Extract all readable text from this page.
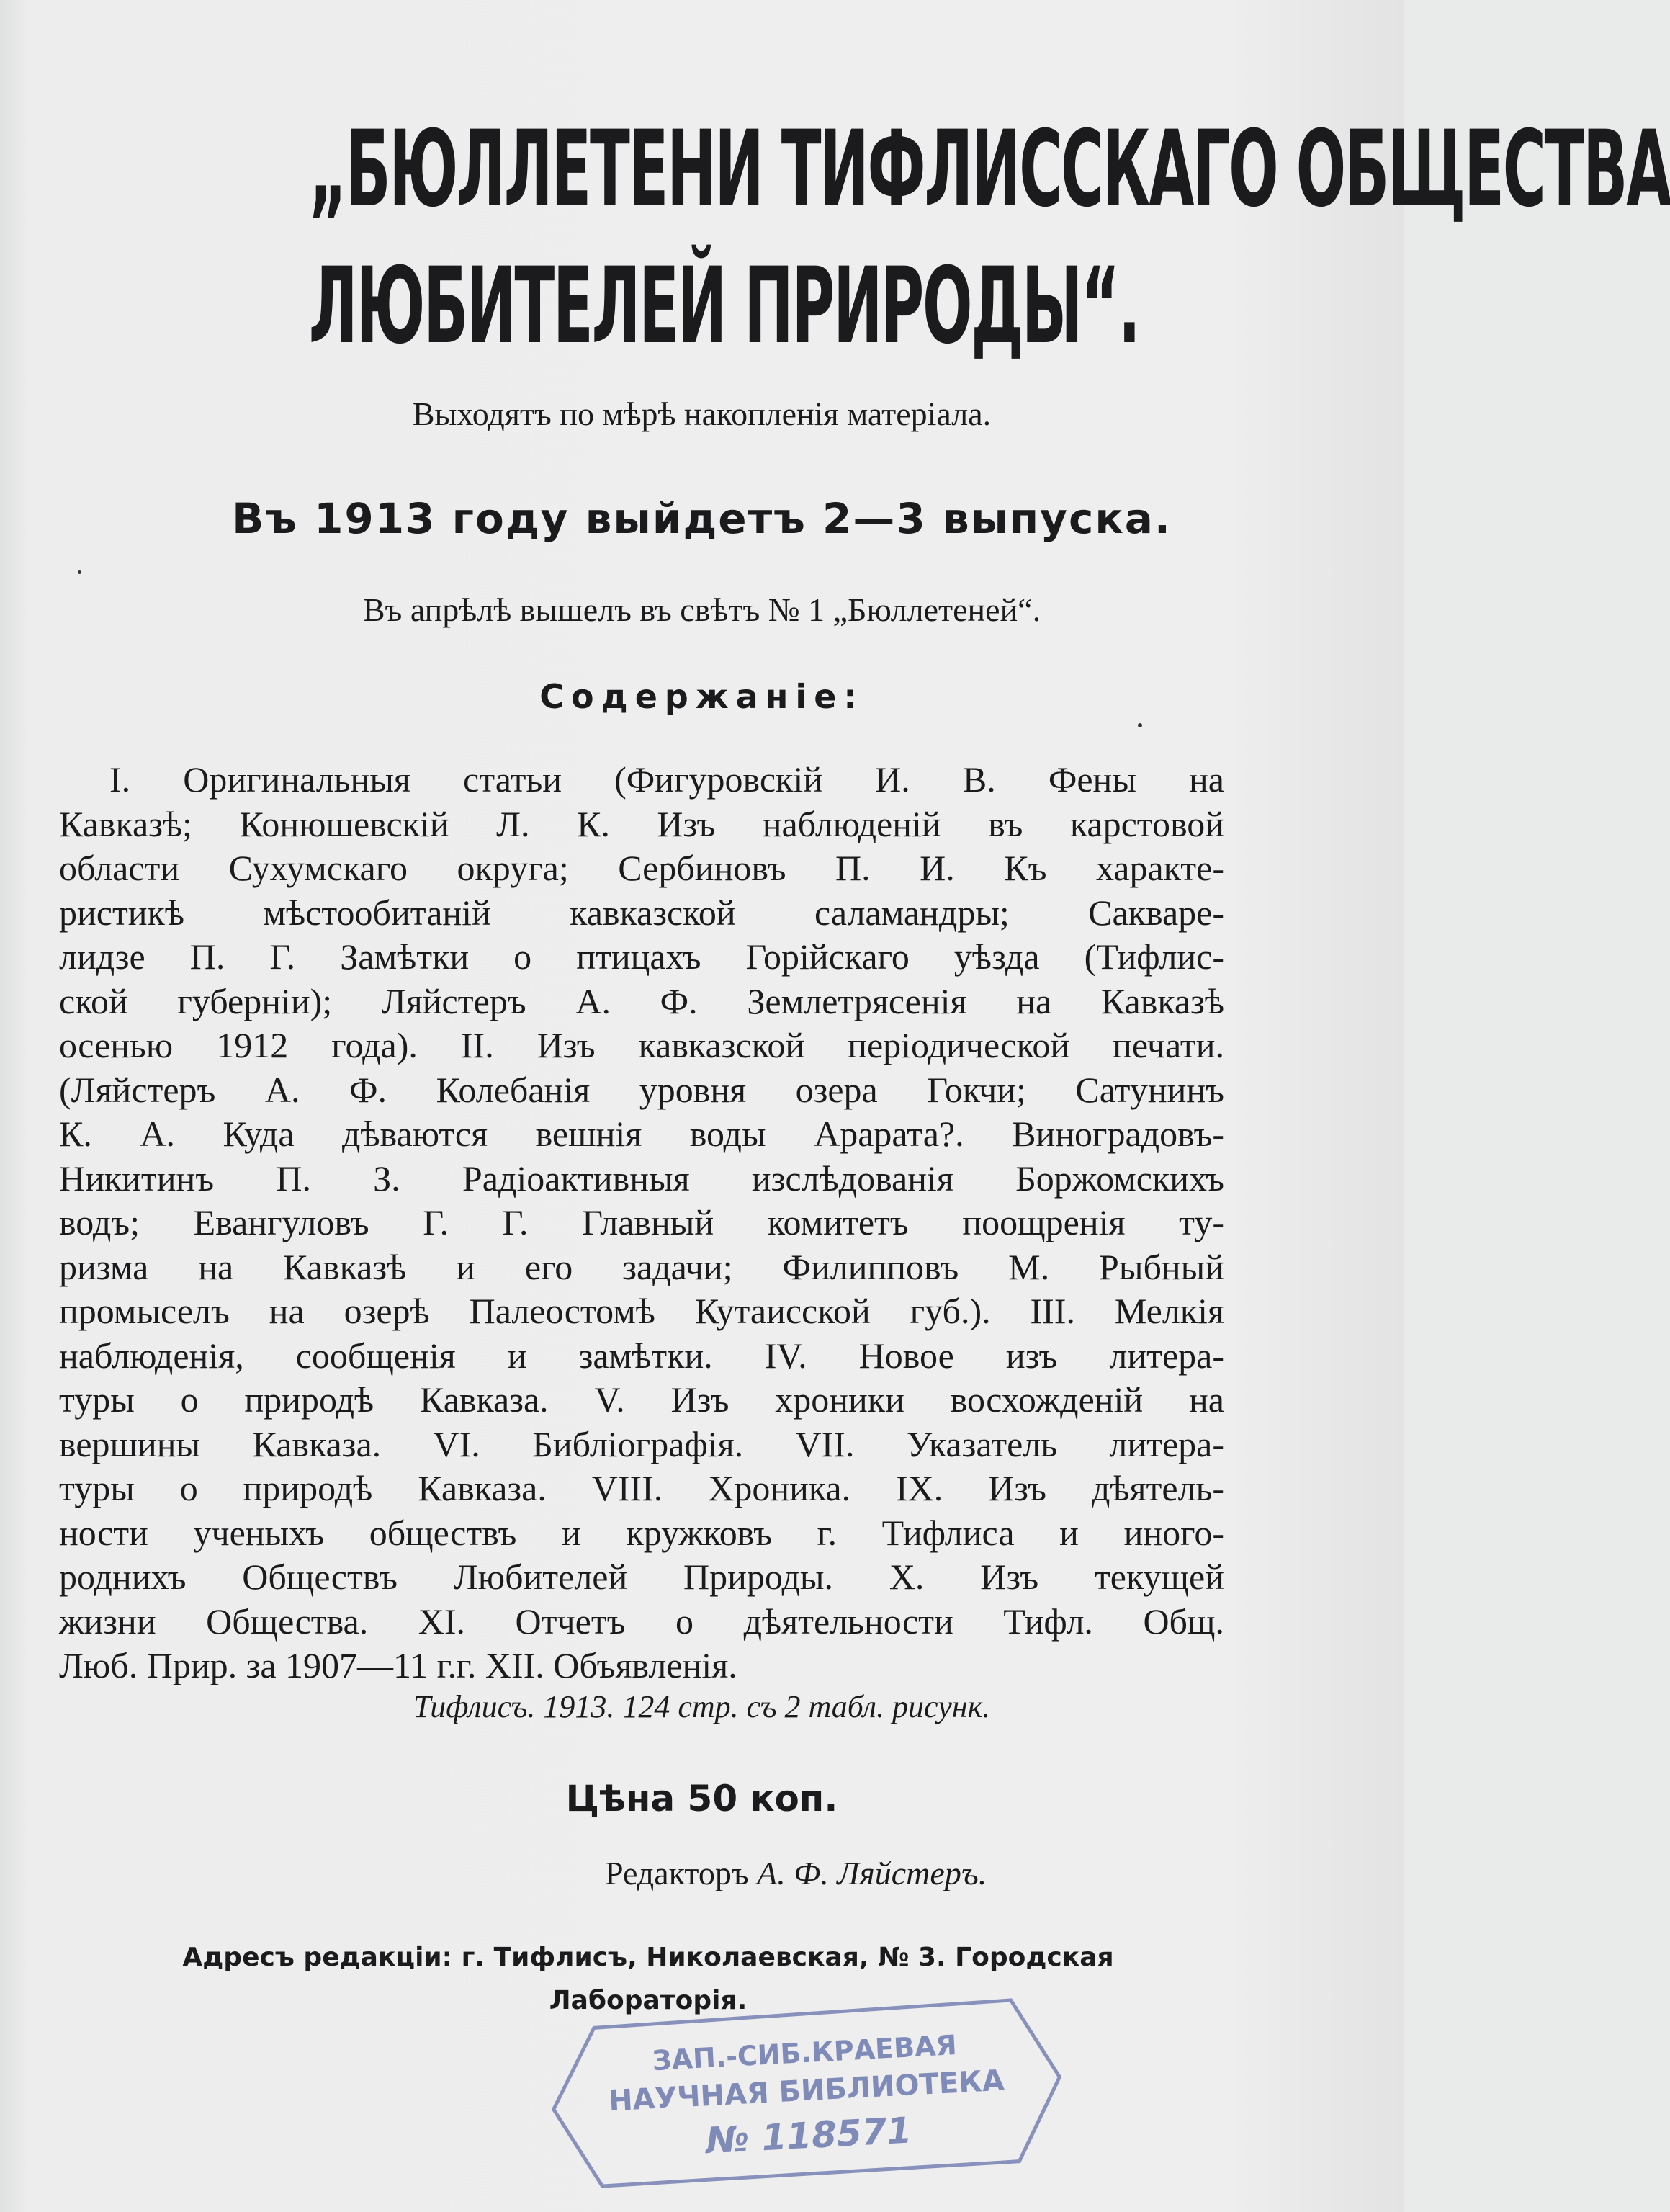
„БЮЛЛЕТЕНИ ТИФЛИССКАГО ОБЩЕСТВА
ЛЮБИТЕЛЕЙ ПРИРОДЫ“.
Выходятъ по мѣрѣ накопленія матеріала.
Въ 1913 году выйдетъ 2—3 выпуска.
Въ апрѣлѣ вышелъ въ свѣтъ № 1 „Бюллетеней“.
Содержаніе:
I. Оригинальныя статьи (Фигуровскій И. В. Фены на
Кавказѣ; Конюшевскій Л. К. Изъ наблюденій въ карстовой
области Сухумскаго округа; Сербиновъ П. И. Къ характе-
ристикѣ мѣстообитаній кавказской саламандры; Сакваре-
лидзе П. Г. Замѣтки о птицахъ Горійскаго уѣзда (Тифлис-
ской губерніи); Ляйстеръ А. Ф. Землетрясенія на Кавказѣ
осенью 1912 года). II. Изъ кавказской періодической печати.
(Ляйстеръ А. Ф. Колебанія уровня озера Гокчи; Сатунинъ
К. А. Куда дѣваются вешнія воды Арарата?. Виноградовъ-
Никитинъ П. З. Радіоактивныя изслѣдованія Боржомскихъ
водъ; Евангуловъ Г. Г. Главный комитетъ поощренія ту-
ризма на Кавказѣ и его задачи; Филипповъ М. Рыбный
промыселъ на озерѣ Палеостомѣ Кутаисской губ.). III. Мелкія
наблюденія, сообщенія и замѣтки. IV. Новое изъ литера-
туры о природѣ Кавказа. V. Изъ хроники восхожденій на
вершины Кавказа. VI. Библіографія. VII. Указатель литера-
туры о природѣ Кавказа. VIII. Хроника. IX. Изъ дѣятель-
ности ученыхъ обществъ и кружковъ г. Тифлиса и иного-
роднихъ Обществъ Любителей Природы. X. Изъ текущей
жизни Общества. XI. Отчетъ о дѣятельности Тифл. Общ.
Люб. Прир. за 1907—11 г.г. XII. Объявленія.
Тифлисъ. 1913. 124 стр. съ 2 табл. рисунк.
Цѣна 50 коп.
Редакторъ А. Ф. Ляйстеръ.
Адресъ редакціи: г. Тифлисъ, Николаевская, № 3. Городская
Лабораторія.
ЗАП.-СИБ.КРАЕВАЯ
НАУЧНАЯ БИБЛИОТЕКА
№ 118571
